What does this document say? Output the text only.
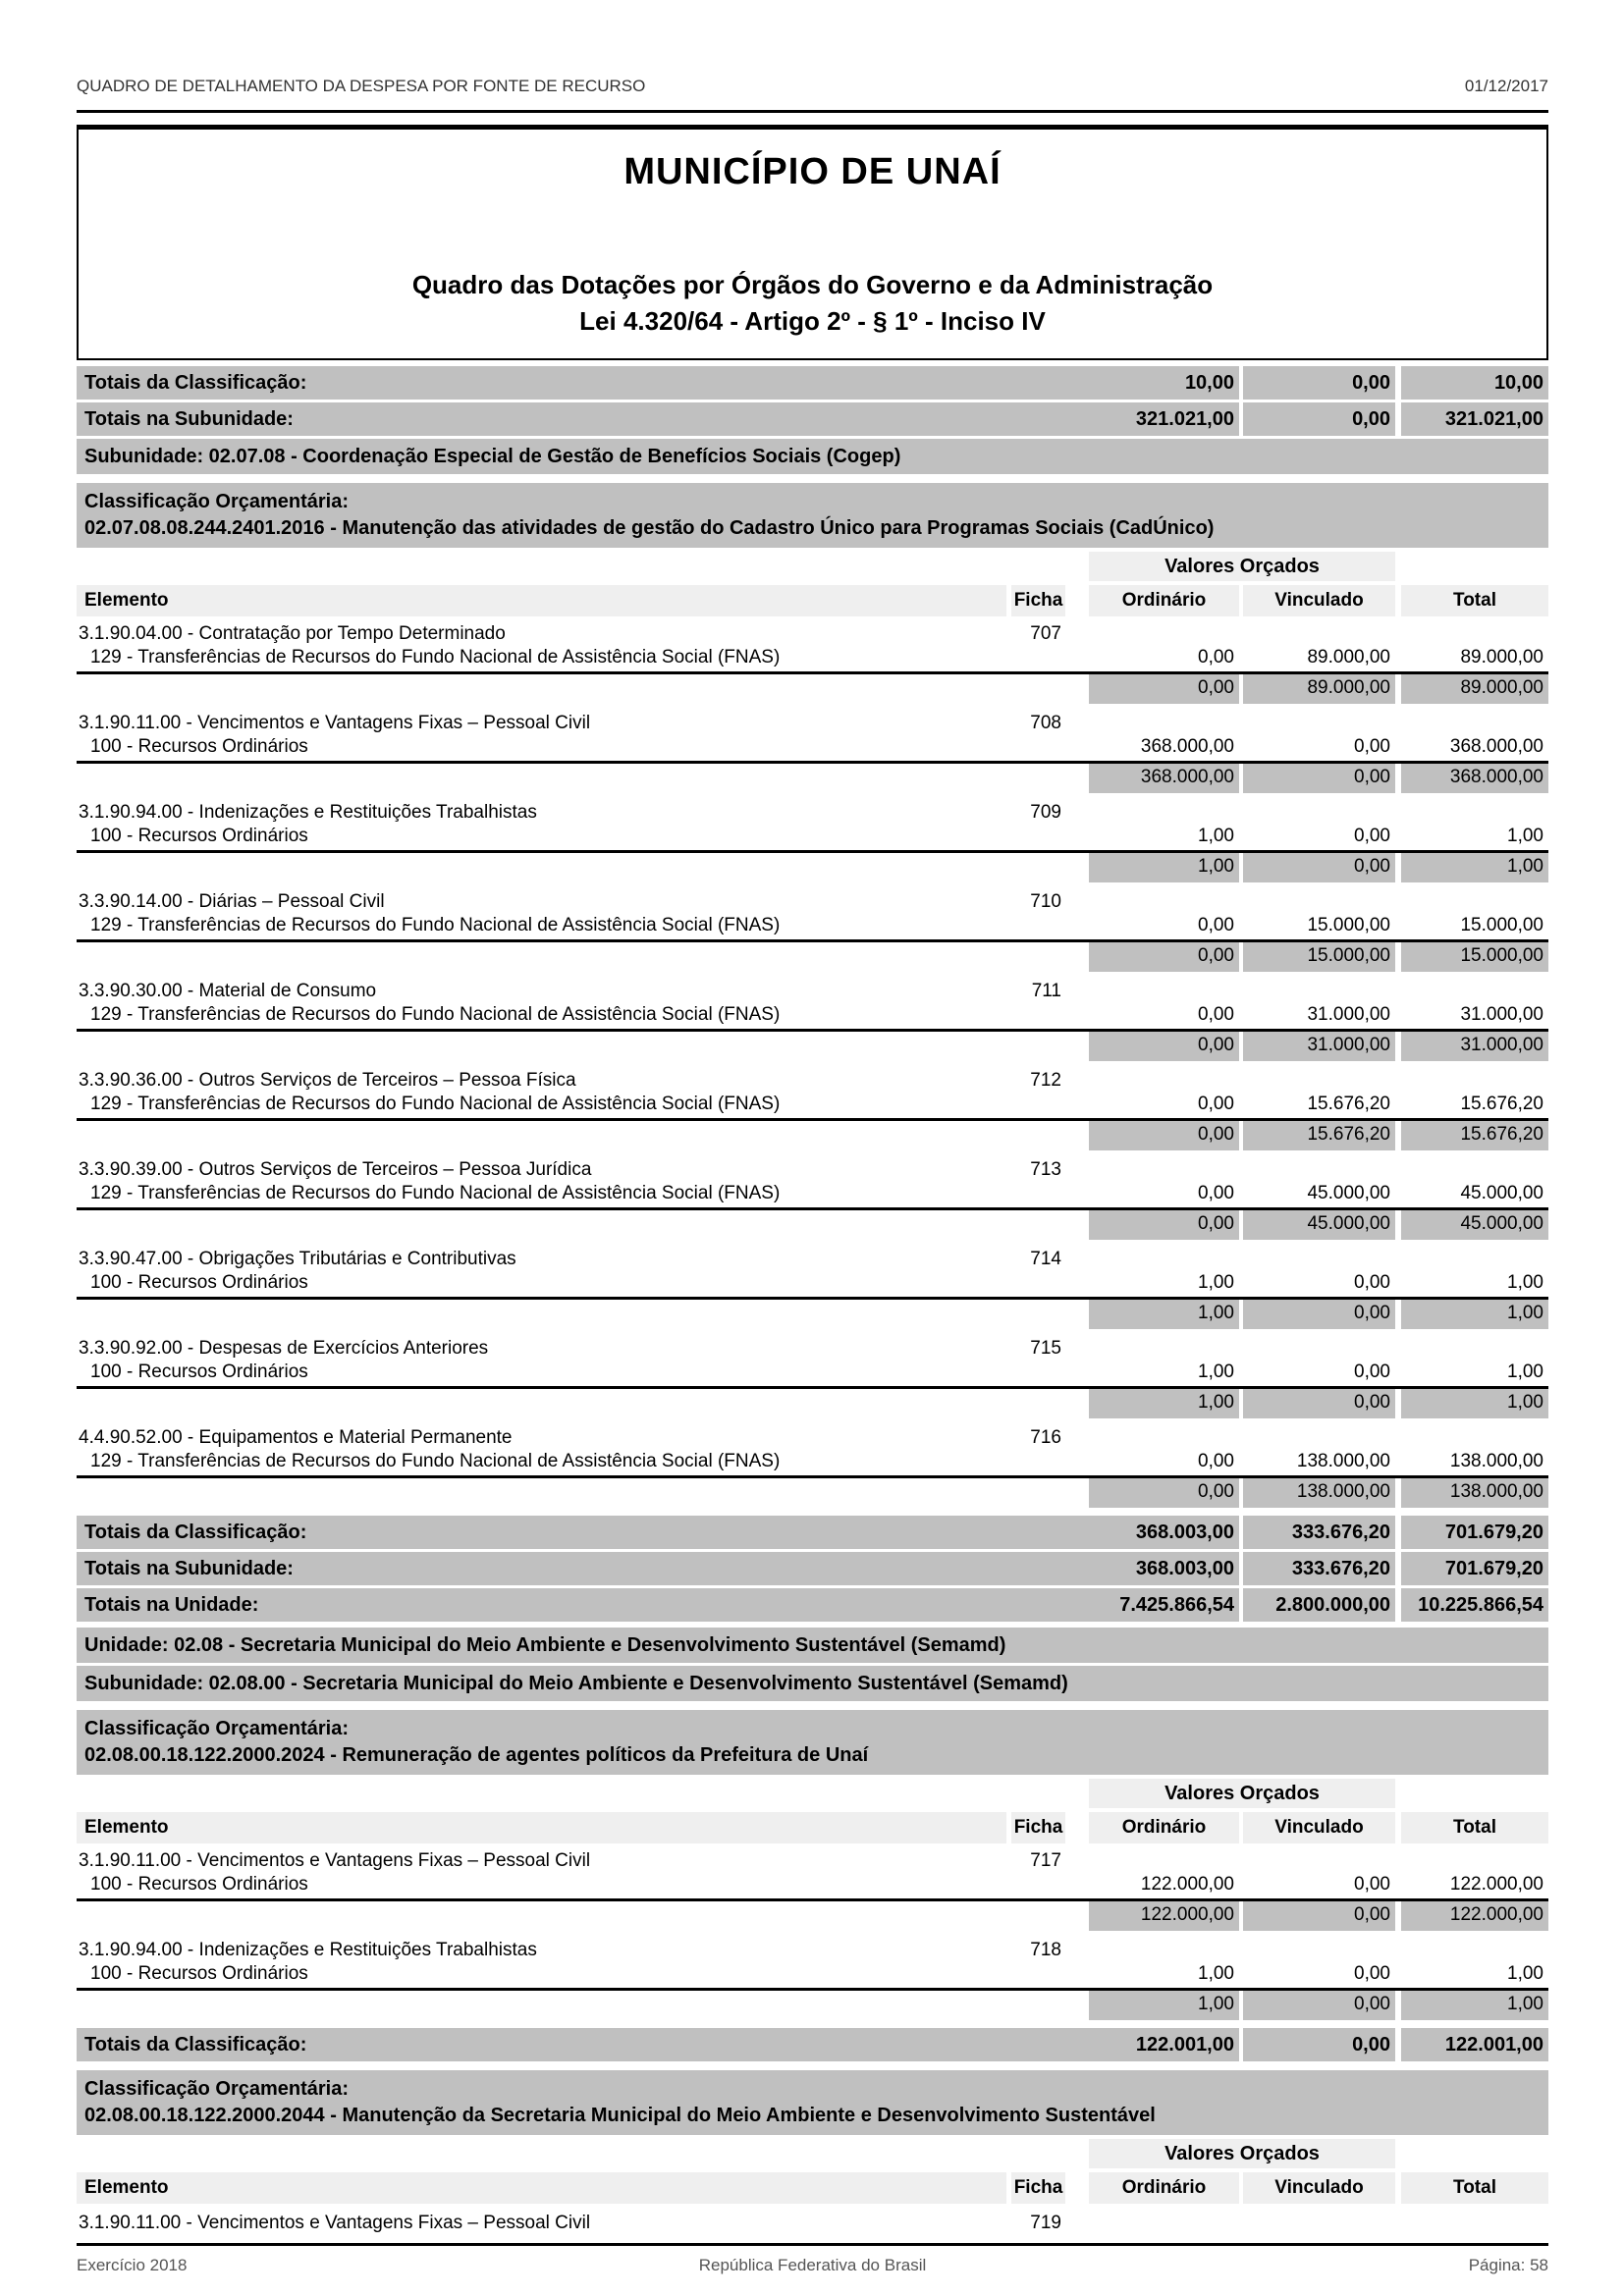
QUADRO DE DETALHAMENTO DA DESPESA POR FONTE DE RECURSO	01/12/2017
MUNICÍPIO DE UNAÍ
Quadro das Dotações por Órgãos do Governo e da Administração
Lei 4.320/64 - Artigo 2º - § 1º - Inciso IV
Totais da Classificação:	10,00	0,00	10,00
Totais na Subunidade:	321.021,00	0,00	321.021,00
Subunidade: 02.07.08 - Coordenação Especial de Gestão de Benefícios Sociais (Cogep)
Classificação Orçamentária:
02.07.08.08.244.2401.2016 - Manutenção das atividades de gestão do Cadastro Único para Programas Sociais (CadÚnico)
Valores Orçados
Elemento	Ficha	Ordinário	Vinculado	Total
3.1.90.04.00 - Contratação por Tempo Determinado	707
129 - Transferências de Recursos do Fundo Nacional de Assistência Social (FNAS)	0,00	89.000,00	89.000,00
0,00	89.000,00	89.000,00
3.1.90.11.00 - Vencimentos e Vantagens Fixas – Pessoal Civil	708
100 - Recursos Ordinários	368.000,00	0,00	368.000,00
368.000,00	0,00	368.000,00
3.1.90.94.00 - Indenizações e Restituições Trabalhistas	709
100 - Recursos Ordinários	1,00	0,00	1,00
1,00	0,00	1,00
3.3.90.14.00 - Diárias – Pessoal Civil	710
129 - Transferências de Recursos do Fundo Nacional de Assistência Social (FNAS)	0,00	15.000,00	15.000,00
0,00	15.000,00	15.000,00
3.3.90.30.00 - Material de Consumo	711
129 - Transferências de Recursos do Fundo Nacional de Assistência Social (FNAS)	0,00	31.000,00	31.000,00
0,00	31.000,00	31.000,00
3.3.90.36.00 - Outros Serviços de Terceiros – Pessoa Física	712
129 - Transferências de Recursos do Fundo Nacional de Assistência Social (FNAS)	0,00	15.676,20	15.676,20
0,00	15.676,20	15.676,20
3.3.90.39.00 - Outros Serviços de Terceiros – Pessoa Jurídica	713
129 - Transferências de Recursos do Fundo Nacional de Assistência Social (FNAS)	0,00	45.000,00	45.000,00
0,00	45.000,00	45.000,00
3.3.90.47.00 - Obrigações Tributárias e Contributivas	714
100 - Recursos Ordinários	1,00	0,00	1,00
1,00	0,00	1,00
3.3.90.92.00 - Despesas de Exercícios Anteriores	715
100 - Recursos Ordinários	1,00	0,00	1,00
1,00	0,00	1,00
4.4.90.52.00 - Equipamentos e Material Permanente	716
129 - Transferências de Recursos do Fundo Nacional de Assistência Social (FNAS)	0,00	138.000,00	138.000,00
0,00	138.000,00	138.000,00
Totais da Classificação:	368.003,00	333.676,20	701.679,20
Totais na Subunidade:	368.003,00	333.676,20	701.679,20
Totais na Unidade:	7.425.866,54	2.800.000,00	10.225.866,54
Unidade: 02.08 - Secretaria Municipal do Meio Ambiente e Desenvolvimento Sustentável (Semamd)
Subunidade: 02.08.00 - Secretaria Municipal do Meio Ambiente e Desenvolvimento Sustentável (Semamd)
Classificação Orçamentária:
02.08.00.18.122.2000.2024 - Remuneração de agentes políticos da Prefeitura de Unaí
Valores Orçados
Elemento	Ficha	Ordinário	Vinculado	Total
3.1.90.11.00 - Vencimentos e Vantagens Fixas – Pessoal Civil	717
100 - Recursos Ordinários	122.000,00	0,00	122.000,00
122.000,00	0,00	122.000,00
3.1.90.94.00 - Indenizações e Restituições Trabalhistas	718
100 - Recursos Ordinários	1,00	0,00	1,00
1,00	0,00	1,00
Totais da Classificação:	122.001,00	0,00	122.001,00
Classificação Orçamentária:
02.08.00.18.122.2000.2044 - Manutenção da Secretaria Municipal do Meio Ambiente e Desenvolvimento Sustentável
Valores Orçados
Elemento	Ficha	Ordinário	Vinculado	Total
3.1.90.11.00 - Vencimentos e Vantagens Fixas – Pessoal Civil	719
Exercício 2018	República Federativa do Brasil	Página: 58
